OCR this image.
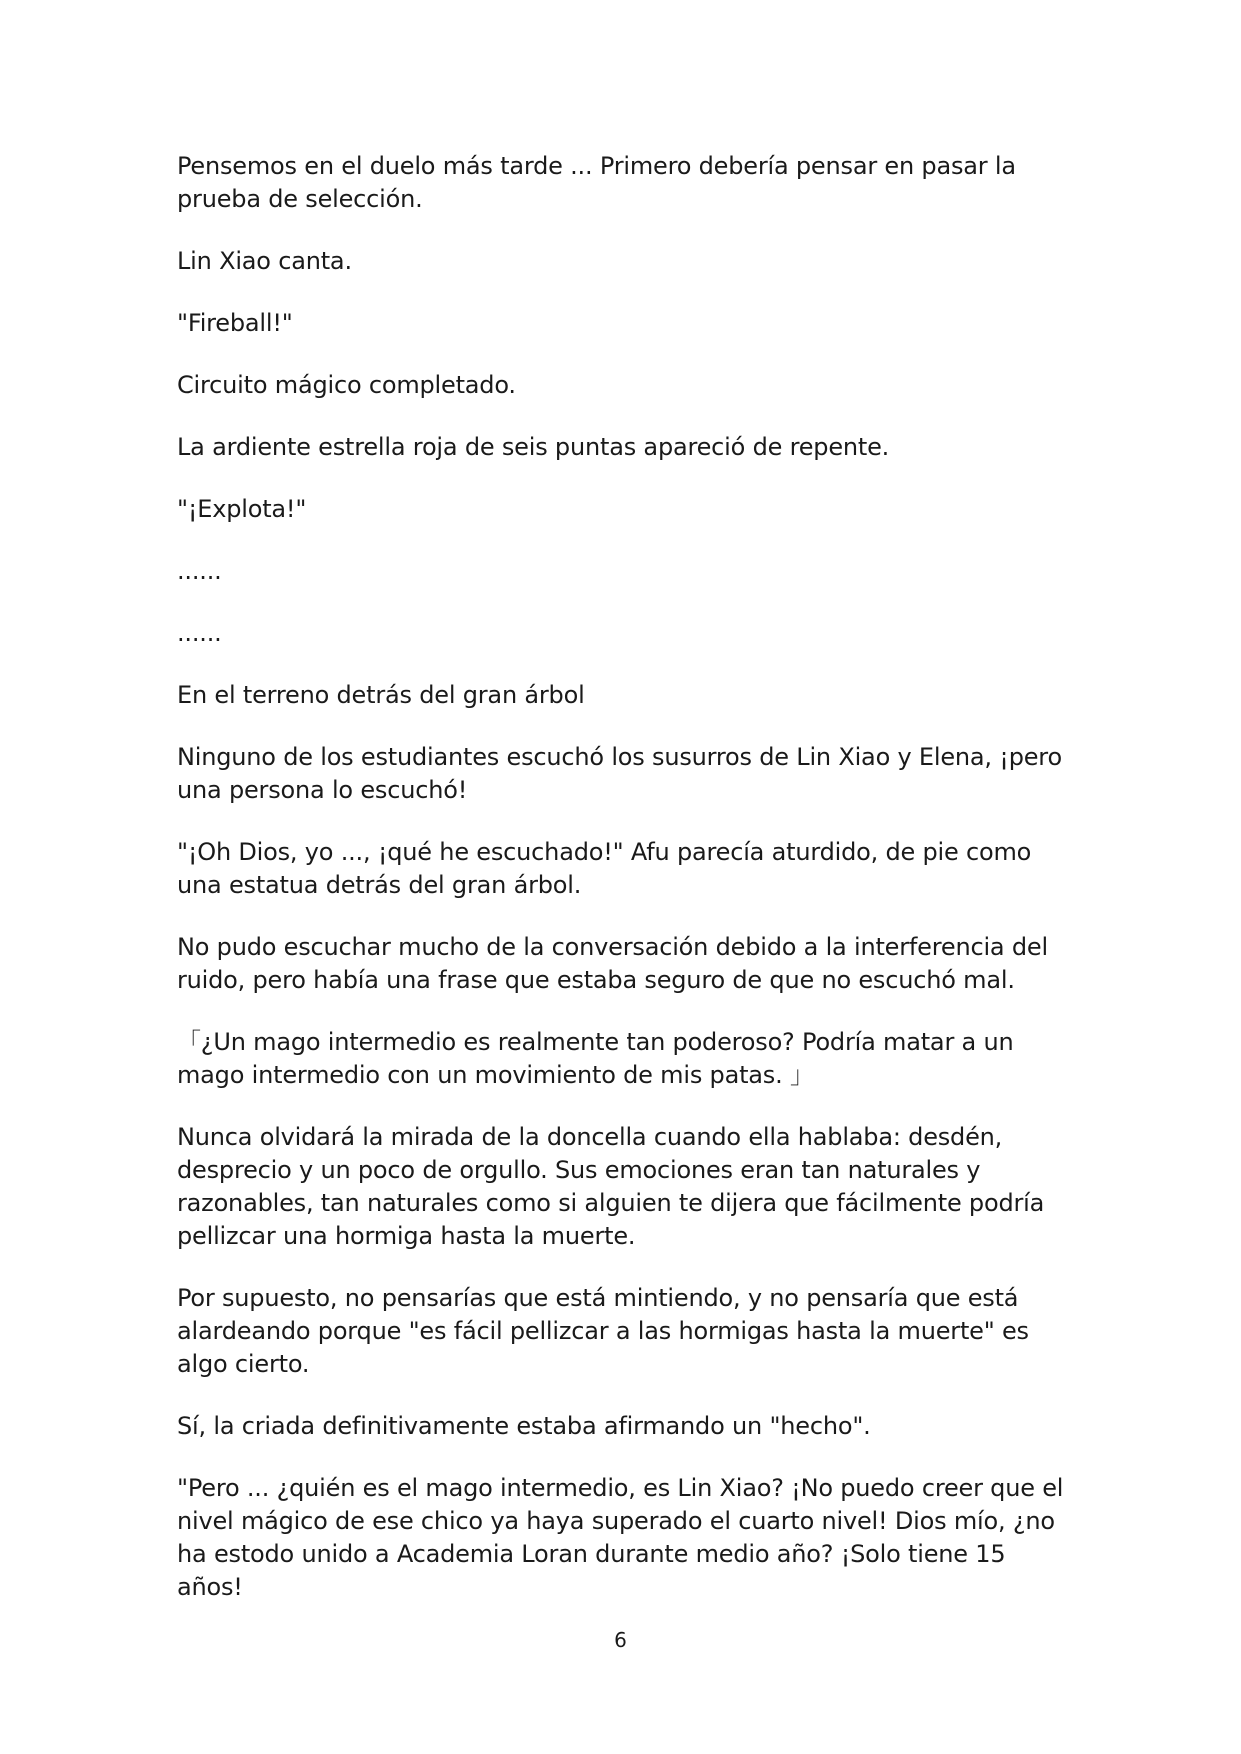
Pensemos en el duelo más tarde ... Primero debería pensar en pasar la prueba de selección.

Lin Xiao canta.

"Fireball!"

Circuito mágico completado.

La ardiente estrella roja de seis puntas apareció de repente.

"¡Explota!"

......

......

En el terreno detrás del gran árbol

Ninguno de los estudiantes escuchó los susurros de Lin Xiao y Elena, ¡pero una persona lo escuchó!

"¡Oh Dios, yo ..., ¡qué he escuchado!" Afu parecía aturdido, de pie como una estatua detrás del gran árbol.

No pudo escuchar mucho de la conversación debido a la interferencia del ruido, pero había una frase que estaba seguro de que no escuchó mal.

「¿Un mago intermedio es realmente tan poderoso? Podría matar a un mago intermedio con un movimiento de mis patas. 」

Nunca olvidará la mirada de la doncella cuando ella hablaba: desdén, desprecio y un poco de orgullo. Sus emociones eran tan naturales y razonables, tan naturales como si alguien te dijera que fácilmente podría pellizcar una hormiga hasta la muerte.

Por supuesto, no pensarías que está mintiendo, y no pensaría que está alardeando porque "es fácil pellizcar a las hormigas hasta la muerte" es algo cierto.

Sí, la criada definitivamente estaba afirmando un "hecho".

"Pero ... ¿quién es el mago intermedio, es Lin Xiao? ¡No puedo creer que el nivel mágico de ese chico ya haya superado el cuarto nivel! Dios mío, ¿no ha estodo unido a Academia Loran durante medio año? ¡Solo tiene 15 años!

6
